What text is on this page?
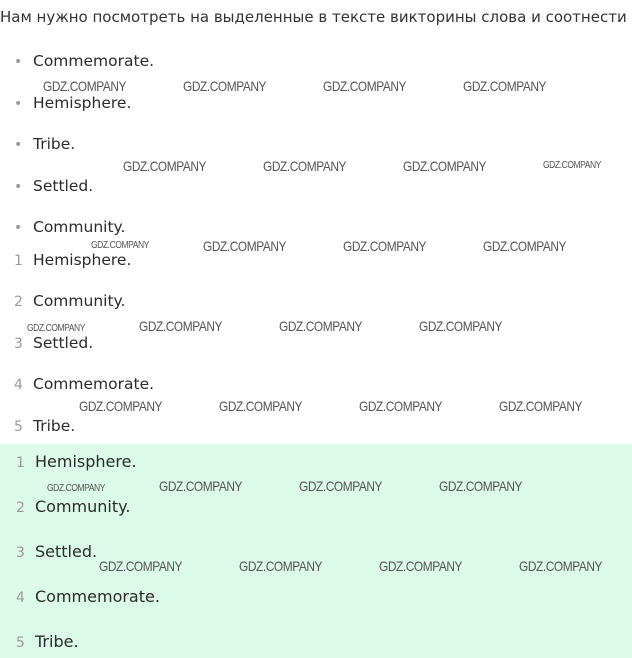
Нам нужно посмотреть на выделенные в тексте викторины слова и соотнести
• Commemorate.
• Hemisphere.
• Tribe.
• Settled.
• Community.
1 Hemisphere.
2 Community.
3 Settled.
4 Commemorate.
5 Tribe.
1 Hemisphere.
2 Community.
3 Settled.
4 Commemorate.
5 Tribe.
GDZ.COMPANY	GDZ.COMPANY	GDZ.COMPANY	GDZ.COMPANY
GDZ.COMPANY	GDZ.COMPANY	GDZ.COMPANY	GDZ.COMPANY
GDZ.COMPANY	GDZ.COMPANY	GDZ.COMPANY	GDZ.COMPANY
GDZ.COMPANY	GDZ.COMPANY	GDZ.COMPANY	GDZ.COMPANY
GDZ.COMPANY	GDZ.COMPANY	GDZ.COMPANY	GDZ.COMPANY
GDZ.COMPANY	GDZ.COMPANY	GDZ.COMPANY	GDZ.COMPANY
GDZ.COMPANY	GDZ.COMPANY	GDZ.COMPANY	GDZ.COMPANY
